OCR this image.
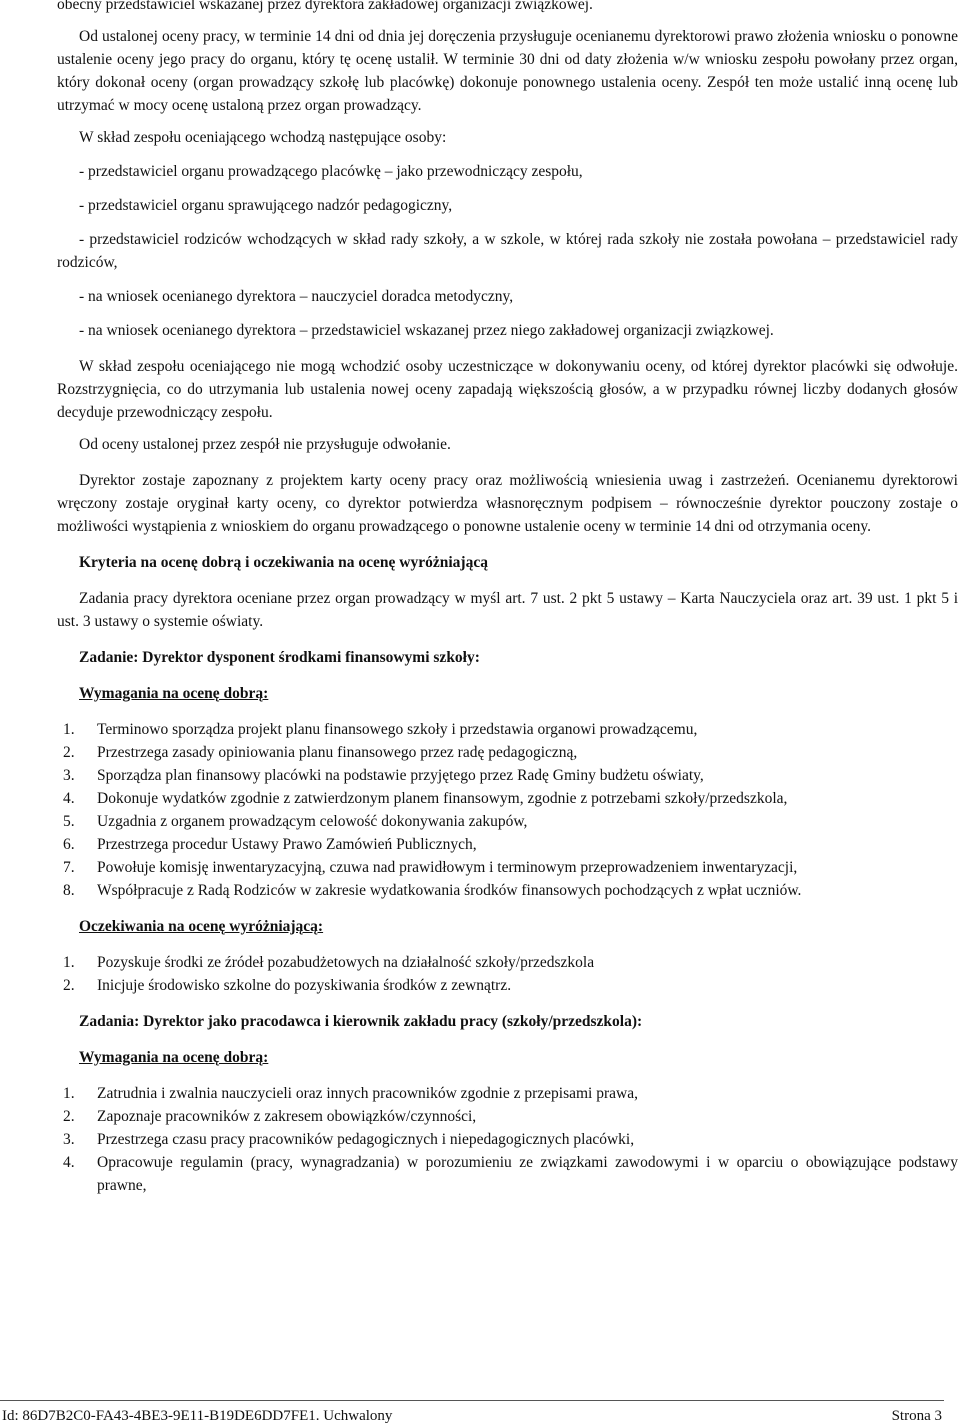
obecny przedstawiciel wskazanej przez dyrektora zakładowej organizacji związkowej.

Od ustalonej oceny pracy, w terminie 14 dni od dnia jej doręczenia przysługuje ocenianemu dyrektorowi prawo złożenia wniosku o ponowne ustalenie oceny jego pracy do organu, który tę ocenę ustalił. W terminie 30 dni od daty złożenia w/w wniosku zespołu powołany przez organ, który dokonał oceny (organ prowadzący szkołę lub placówkę) dokonuje ponownego ustalenia oceny. Zespół ten może ustalić inną ocenę lub utrzymać w mocy ocenę ustaloną przez organ prowadzący.

W skład zespołu oceniającego wchodzą następujące osoby:

- przedstawiciel organu prowadzącego placówkę – jako przewodniczący zespołu,

- przedstawiciel organu sprawującego nadzór pedagogiczny,

- przedstawiciel rodziców wchodzących w skład rady szkoły, a w szkole, w której rada szkoły nie została powołana – przedstawiciel rady rodziców,

- na wniosek ocenianego dyrektora – nauczyciel doradca metodyczny,

- na wniosek ocenianego dyrektora – przedstawiciel wskazanej przez niego zakładowej organizacji związkowej.

W skład zespołu oceniającego nie mogą wchodzić osoby uczestniczące w dokonywaniu oceny, od której dyrektor placówki się odwołuje. Rozstrzygnięcia, co do utrzymania lub ustalenia nowej oceny zapadają większością głosów, a w przypadku równej liczby dodanych głosów decyduje przewodniczący zespołu.

Od oceny ustalonej przez zespół nie przysługuje odwołanie.

Dyrektor zostaje zapoznany z projektem karty oceny pracy oraz możliwością wniesienia uwag i zastrzeżeń. Ocenianemu dyrektorowi wręczony zostaje oryginał karty oceny, co dyrektor potwierdza własnoręcznym podpisem – równocześnie dyrektor pouczony zostaje o możliwości wystąpienia z wnioskiem do organu prowadzącego o ponowne ustalenie oceny w terminie 14 dni od otrzymania oceny.

Kryteria na ocenę dobrą i oczekiwania na ocenę wyróżniającą

Zadania pracy dyrektora oceniane przez organ prowadzący w myśl art. 7 ust. 2 pkt 5 ustawy – Karta Nauczyciela oraz art. 39 ust. 1 pkt 5 i ust. 3 ustawy o systemie oświaty.

Zadanie: Dyrektor dysponent środkami finansowymi szkoły:

Wymagania na ocenę dobrą:

1. Terminowo sporządza projekt planu finansowego szkoły i przedstawia organowi prowadzącemu,
2. Przestrzega zasady opiniowania planu finansowego przez radę pedagogiczną,
3. Sporządza plan finansowy placówki na podstawie przyjętego przez Radę Gminy budżetu oświaty,
4. Dokonuje wydatków zgodnie z zatwierdzonym planem finansowym, zgodnie z potrzebami szkoły/przedszkola,
5. Uzgadnia z organem prowadzącym celowość dokonywania zakupów,
6. Przestrzega procedur Ustawy Prawo Zamówień Publicznych,
7. Powołuje komisję inwentaryzacyjną, czuwa nad prawidłowym i terminowym przeprowadzeniem inwentaryzacji,
8. Współpracuje z Radą Rodziców w zakresie wydatkowania środków finansowych pochodzących z wpłat uczniów.

Oczekiwania na ocenę wyróżniającą:

1. Pozyskuje środki ze źródeł pozabudżetowych na działalność szkoły/przedszkola
2. Inicjuje środowisko szkolne do pozyskiwania środków z zewnątrz.

Zadania: Dyrektor jako pracodawca i kierownik zakładu pracy (szkoły/przedszkola):

Wymagania na ocenę dobrą:

1. Zatrudnia i zwalnia nauczycieli oraz innych pracowników zgodnie z przepisami prawa,
2. Zapoznaje pracowników z zakresem obowiązków/czynności,
3. Przestrzega czasu pracy pracowników pedagogicznych i niepedagogicznych placówki,
4. Opracowuje regulamin (pracy, wynagradzania) w porozumieniu ze związkami zawodowymi i w oparciu o obowiązujące podstawy prawne,
Id: 86D7B2C0-FA43-4BE3-9E11-B19DE6DD7FE1. Uchwalony	Strona 3
